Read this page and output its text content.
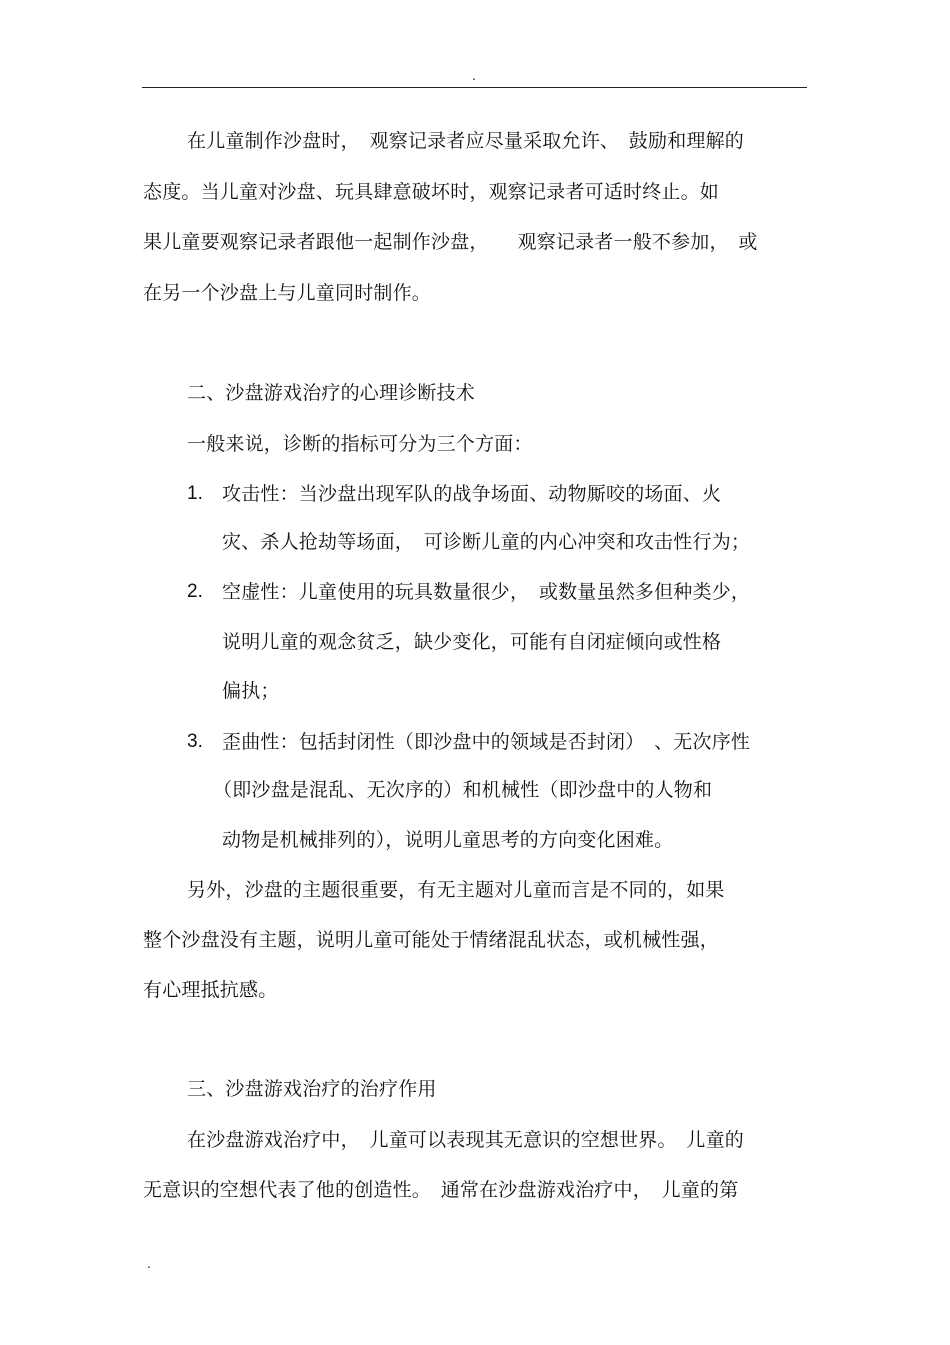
.
在儿童制作沙盘时，　观察记录者应尽量采取允许、　鼓励和理解的
态度。当儿童对沙盘、玩具肆意破坏时，观察记录者可适时终止。如
果儿童要观察记录者跟他一起制作沙盘，　　观察记录者一般不参加，　或
在另一个沙盘上与儿童同时制作。
二、沙盘游戏治疗的心理诊断技术
一般来说，诊断的指标可分为三个方面：
1. 攻击性：当沙盘出现军队的战争场面、动物厮咬的场面、火
灾、杀人抢劫等场面，　可诊断儿童的内心冲突和攻击性行为；
2. 空虚性：儿童使用的玩具数量很少，　或数量虽然多但种类少，
说明儿童的观念贫乏，缺少变化，可能有自闭症倾向或性格
偏执；
3. 歪曲性：包括封闭性（即沙盘中的领域是否封闭）　、无次序性
（即沙盘是混乱、无次序的）和机械性（即沙盘中的人物和
动物是机械排列的），说明儿童思考的方向变化困难。
另外，沙盘的主题很重要，有无主题对儿童而言是不同的，如果
整个沙盘没有主题，说明儿童可能处于情绪混乱状态，或机械性强，
有心理抵抗感。
三、沙盘游戏治疗的治疗作用
在沙盘游戏治疗中，　儿童可以表现其无意识的空想世界。　儿童的
无意识的空想代表了他的创造性。　通常在沙盘游戏治疗中，　儿童的第
.
